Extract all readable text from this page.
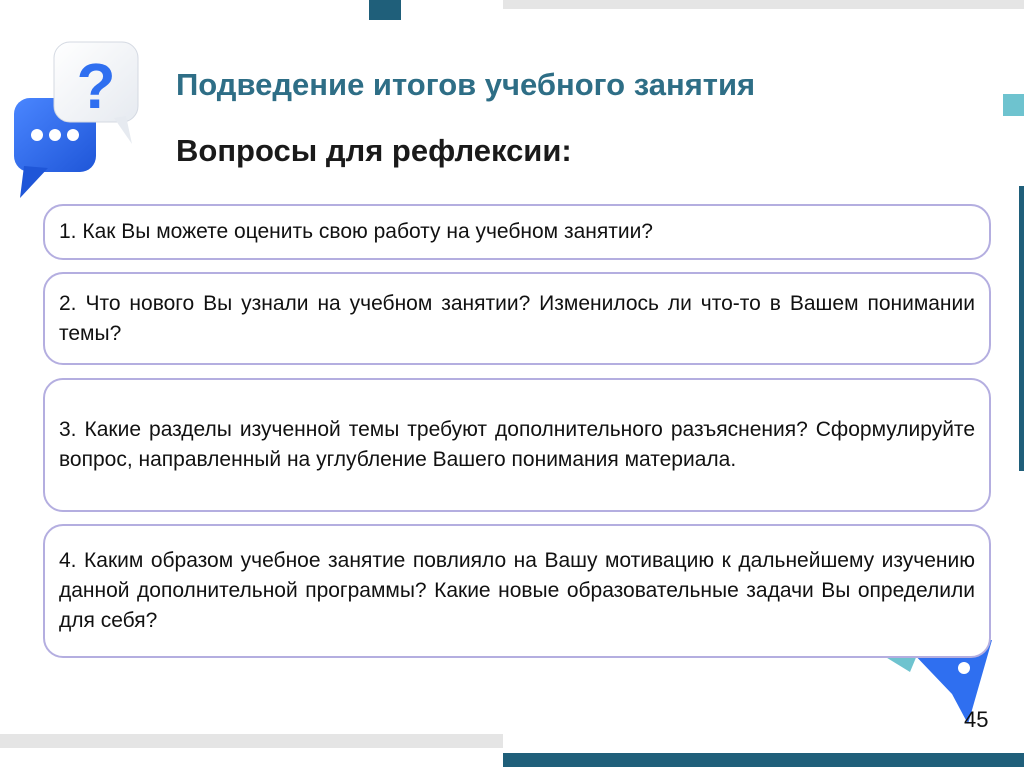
? Подведение итогов учебного занятия
Вопросы для рефлексии:

1. Как Вы можете оценить свою работу на учебном занятии?

2. Что нового Вы узнали на учебном занятии? Изменилось ли что-то в Вашем понимании темы?

3. Какие разделы изученной темы требуют дополнительного разъяснения? Сформулируйте вопрос, направленный на углубление Вашего понимания материала.

4. Каким образом учебное занятие повлияло на Вашу мотивацию к дальнейшему изучению данной дополнительной программы? Какие новые образовательные задачи Вы определили для себя?

45
